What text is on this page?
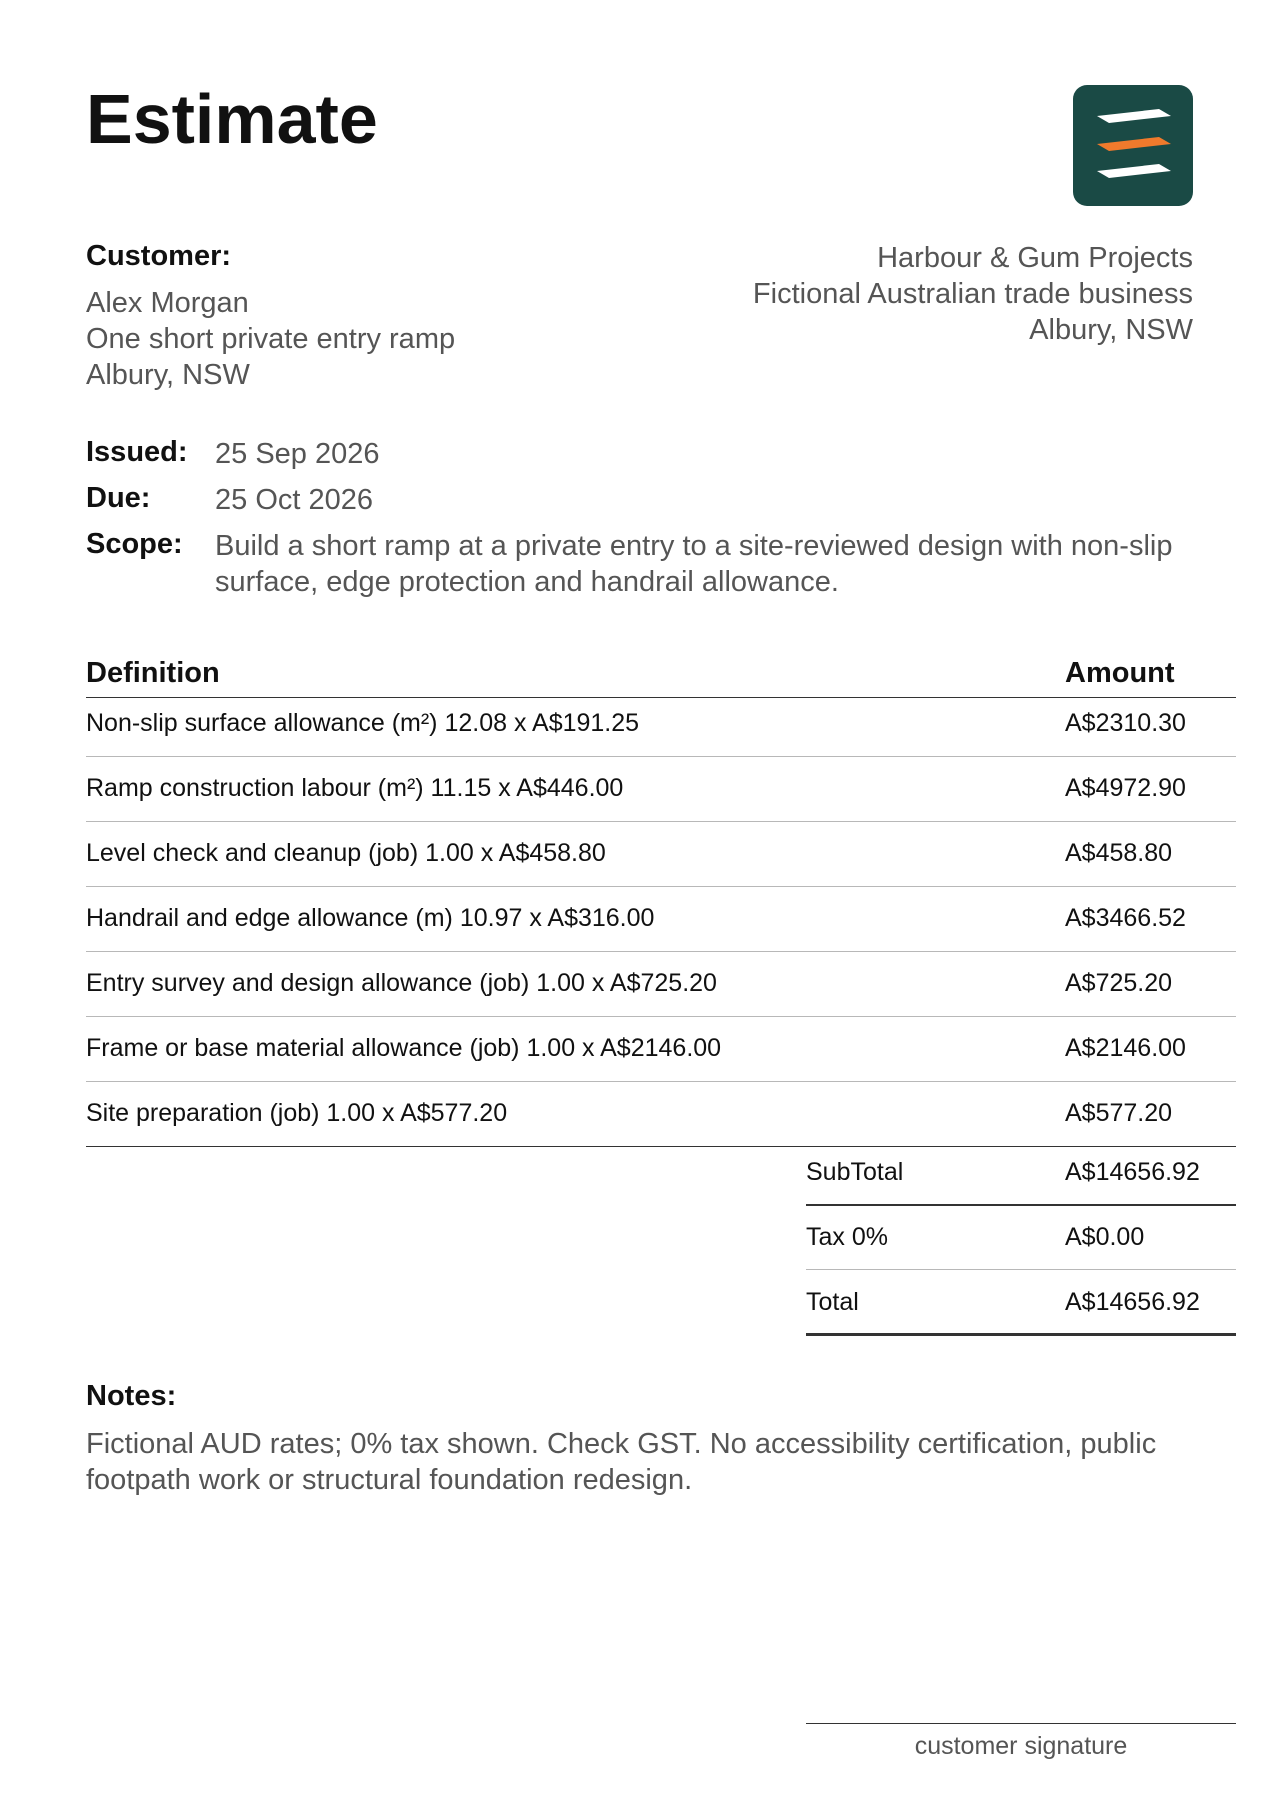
Estimate
Customer:
Alex Morgan
One short private entry ramp
Albury, NSW
Harbour & Gum Projects
Fictional Australian trade business
Albury, NSW
Issued: 25 Sep 2026
Due: 25 Oct 2026
Scope: Build a short ramp at a private entry to a site-reviewed design with non-slip surface, edge protection and handrail allowance.
Definition	Amount
Non-slip surface allowance (m²) 12.08 x A$191.25	A$2310.30
Ramp construction labour (m²) 11.15 x A$446.00	A$4972.90
Level check and cleanup (job) 1.00 x A$458.80	A$458.80
Handrail and edge allowance (m) 10.97 x A$316.00	A$3466.52
Entry survey and design allowance (job) 1.00 x A$725.20	A$725.20
Frame or base material allowance (job) 1.00 x A$2146.00	A$2146.00
Site preparation (job) 1.00 x A$577.20	A$577.20
SubTotal	A$14656.92
Tax 0%	A$0.00
Total	A$14656.92
Notes:
Fictional AUD rates; 0% tax shown. Check GST. No accessibility certification, public footpath work or structural foundation redesign.
customer signature
